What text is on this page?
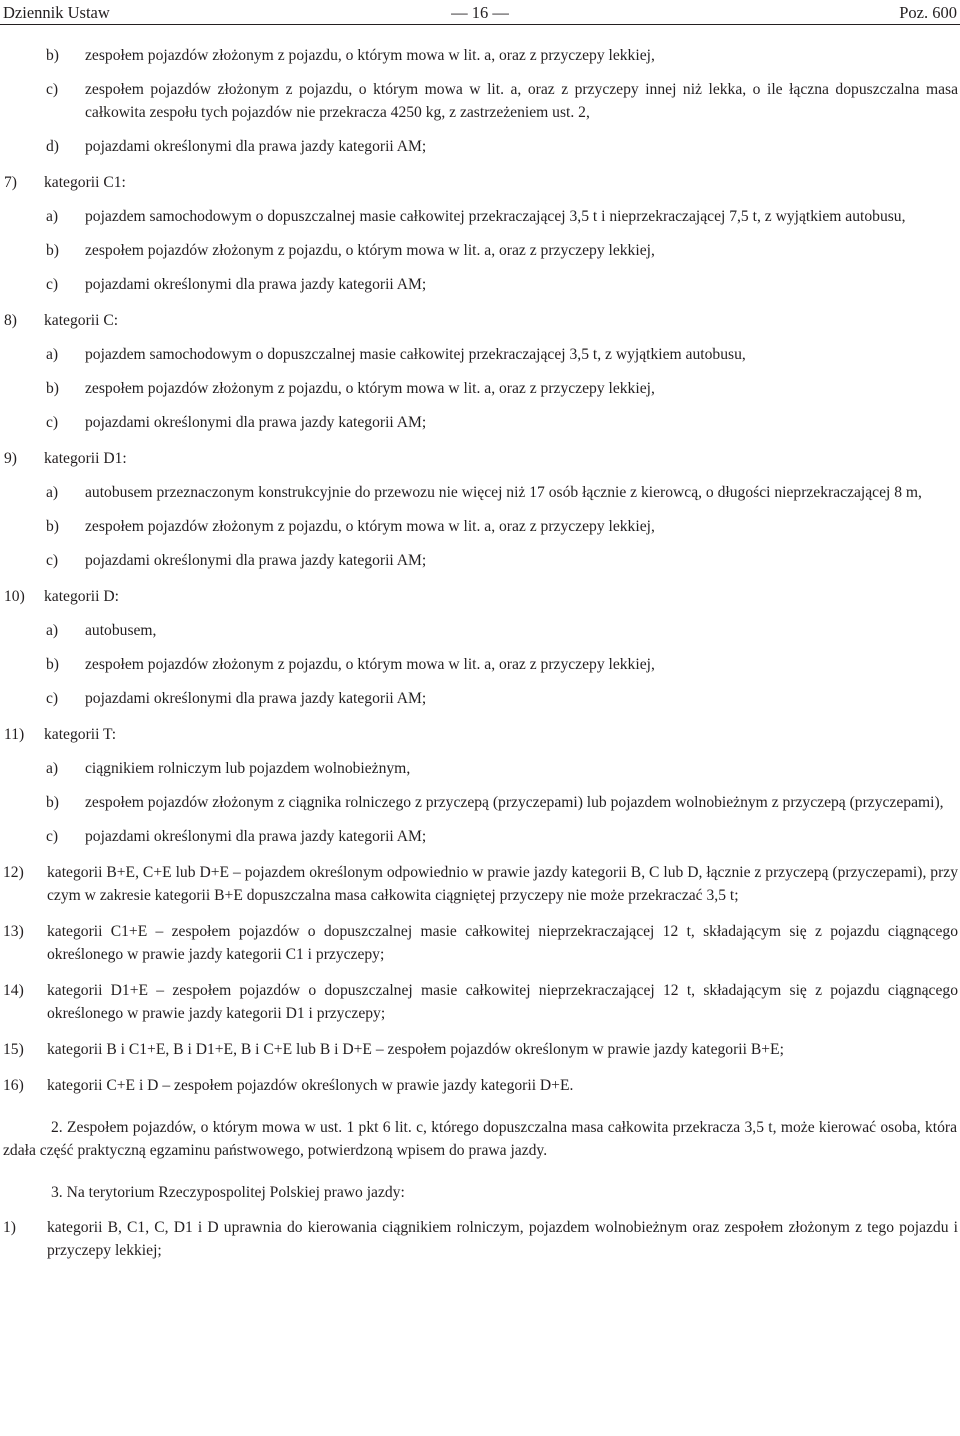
Dziennik Ustaw	— 16 —	Poz. 600
b) zespołem pojazdów złożonym z pojazdu, o którym mowa w lit. a, oraz z przyczepy lekkiej,
c) zespołem pojazdów złożonym z pojazdu, o którym mowa w lit. a, oraz z przyczepy innej niż lekka, o ile łączna dopuszczalna masa całkowita zespołu tych pojazdów nie przekracza 4250 kg, z zastrzeżeniem ust. 2,
d) pojazdami określonymi dla prawa jazdy kategorii AM;
7) kategorii C1:
a) pojazdem samochodowym o dopuszczalnej masie całkowitej przekraczającej 3,5 t i nieprzekraczającej 7,5 t, z wyjątkiem autobusu,
b) zespołem pojazdów złożonym z pojazdu, o którym mowa w lit. a, oraz z przyczepy lekkiej,
c) pojazdami określonymi dla prawa jazdy kategorii AM;
8) kategorii C:
a) pojazdem samochodowym o dopuszczalnej masie całkowitej przekraczającej 3,5 t, z wyjątkiem autobusu,
b) zespołem pojazdów złożonym z pojazdu, o którym mowa w lit. a, oraz z przyczepy lekkiej,
c) pojazdami określonymi dla prawa jazdy kategorii AM;
9) kategorii D1:
a) autobusem przeznaczonym konstrukcyjnie do przewozu nie więcej niż 17 osób łącznie z kierowcą, o długości nieprzekraczającej 8 m,
b) zespołem pojazdów złożonym z pojazdu, o którym mowa w lit. a, oraz z przyczepy lekkiej,
c) pojazdami określonymi dla prawa jazdy kategorii AM;
10) kategorii D:
a) autobusem,
b) zespołem pojazdów złożonym z pojazdu, o którym mowa w lit. a, oraz z przyczepy lekkiej,
c) pojazdami określonymi dla prawa jazdy kategorii AM;
11) kategorii T:
a) ciągnikiem rolniczym lub pojazdem wolnobieżnym,
b) zespołem pojazdów złożonym z ciągnika rolniczego z przyczepą (przyczepami) lub pojazdem wolnobieżnym z przyczepą (przyczepami),
c) pojazdami określonymi dla prawa jazdy kategorii AM;
12) kategorii B+E, C+E lub D+E – pojazdem określonym odpowiednio w prawie jazdy kategorii B, C lub D, łącznie z przyczepą (przyczepami), przy czym w zakresie kategorii B+E dopuszczalna masa całkowita ciągniętej przyczepy nie może przekraczać 3,5 t;
13) kategorii C1+E – zespołem pojazdów o dopuszczalnej masie całkowitej nieprzekraczającej 12 t, składającym się z pojazdu ciągnącego określonego w prawie jazdy kategorii C1 i przyczepy;
14) kategorii D1+E – zespołem pojazdów o dopuszczalnej masie całkowitej nieprzekraczającej 12 t, składającym się z pojazdu ciągnącego określonego w prawie jazdy kategorii D1 i przyczepy;
15) kategorii B i C1+E, B i D1+E, B i C+E lub B i D+E – zespołem pojazdów określonym w prawie jazdy kategorii B+E;
16) kategorii C+E i D – zespołem pojazdów określonych w prawie jazdy kategorii D+E.
2. Zespołem pojazdów, o którym mowa w ust. 1 pkt 6 lit. c, którego dopuszczalna masa całkowita przekracza 3,5 t, może kierować osoba, która zdała część praktyczną egzaminu państwowego, potwierdzoną wpisem do prawa jazdy.
3. Na terytorium Rzeczypospolitej Polskiej prawo jazdy:
1) kategorii B, C1, C, D1 i D uprawnia do kierowania ciągnikiem rolniczym, pojazdem wolnobieżnym oraz zespołem złożonym z tego pojazdu i przyczepy lekkiej;
